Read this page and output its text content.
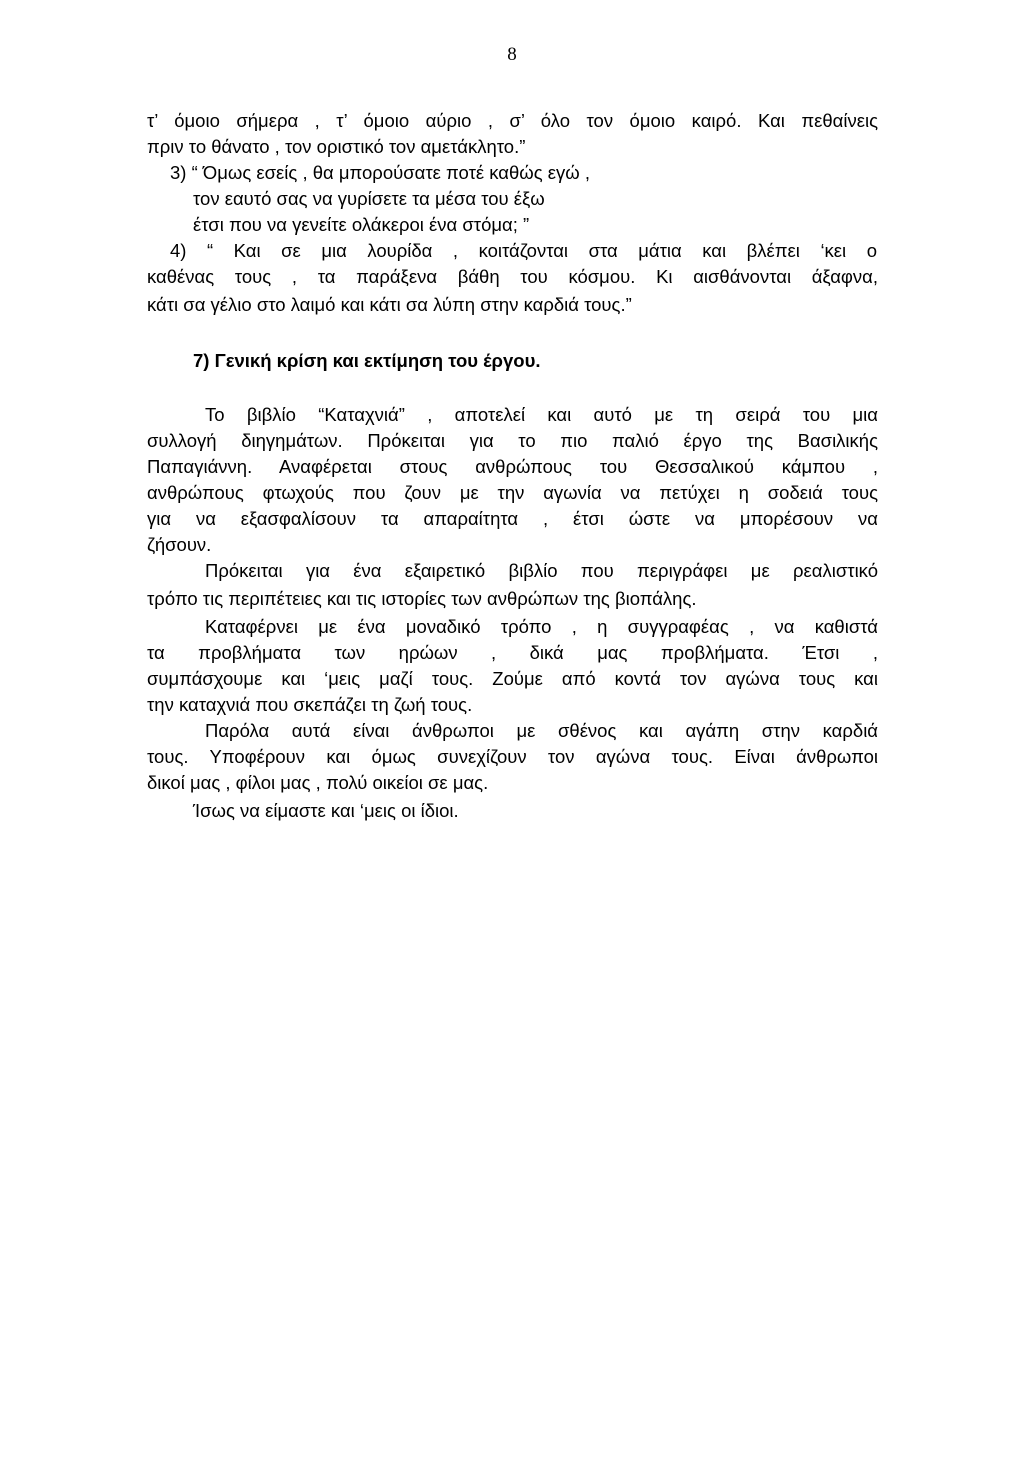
8
τ’ όμοιο σήμερα , τ’ όμοιο αύριο , σ’ όλο τον όμοιο καιρό. Και πεθαίνεις
πριν το θάνατο , τον οριστικό τον αμετάκλητο.”
3) “ Όμως εσείς , θα μπορούσατε ποτέ καθώς εγώ ,
τον εαυτό σας να γυρίσετε τα μέσα του έξω
έτσι που να γενείτε ολάκεροι ένα στόμα; ”
4) “ Και σε μια λουρίδα , κοιτάζονται στα μάτια και βλέπει ‘κει ο
καθένας τους , τα παράξενα βάθη του κόσμου. Κι αισθάνονται άξαφνα,
κάτι σα γέλιο στο λαιμό και κάτι σα λύπη στην καρδιά τους.”
7) Γενική κρίση και εκτίμηση του έργου.
Το βιβλίο “Καταχνιά” , αποτελεί και αυτό με τη σειρά του μια
συλλογή διηγημάτων. Πρόκειται για το πιο παλιό έργο της Βασιλικής
Παπαγιάννη. Αναφέρεται στους ανθρώπους του Θεσσαλικού κάμπου ,
ανθρώπους φτωχούς που ζουν με την αγωνία να πετύχει η σοδειά τους
για να εξασφαλίσουν τα απαραίτητα , έτσι ώστε να μπορέσουν να
ζήσουν.
Πρόκειται για ένα εξαιρετικό βιβλίο που περιγράφει με ρεαλιστικό
τρόπο τις περιπέτειες και τις ιστορίες των ανθρώπων της βιοπάλης.
Καταφέρνει με ένα μοναδικό τρόπο , η συγγραφέας , να καθιστά
τα προβλήματα των ηρώων , δικά μας προβλήματα. Έτσι ,
συμπάσχουμε και ‘μεις μαζί τους. Ζούμε από κοντά τον αγώνα τους και
την καταχνιά που σκεπάζει τη ζωή τους.
Παρόλα αυτά είναι άνθρωποι με σθένος και αγάπη στην καρδιά
τους. Υποφέρουν και όμως συνεχίζουν τον αγώνα τους. Είναι άνθρωποι
δικοί μας , φίλοι μας , πολύ οικείοι σε μας.
Ίσως να είμαστε και ‘μεις οι ίδιοι.
